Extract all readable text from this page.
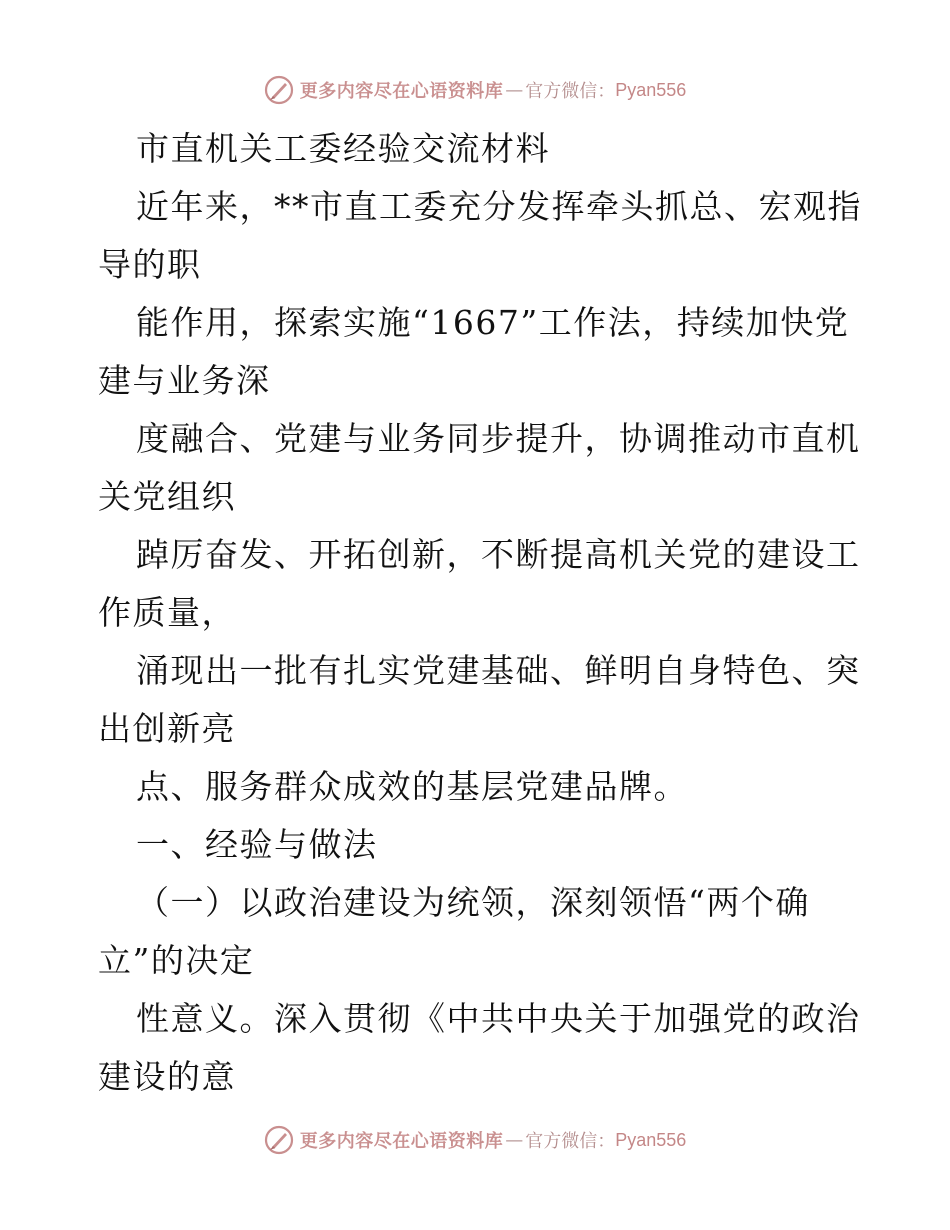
更多内容尽在心语资料库 — 官方微信： Pyan556
市直机关工委经验交流材料
近年来，**市直工委充分发挥牵头抓总、宏观指
导的职
能作用，探索实施“1667”工作法，持续加快党
建与业务深
度融合、党建与业务同步提升，协调推动市直机
关党组织
踔厉奋发、开拓创新，不断提高机关党的建设工
作质量，
涌现出一批有扎实党建基础、鲜明自身特色、突
出创新亮
点、服务群众成效的基层党建品牌。
一、经验与做法
（一）以政治建设为统领，深刻领悟“两个确
立”的决定
性意义。深入贯彻《中共中央关于加强党的政治
建设的意
更多内容尽在心语资料库 — 官方微信： Pyan556
